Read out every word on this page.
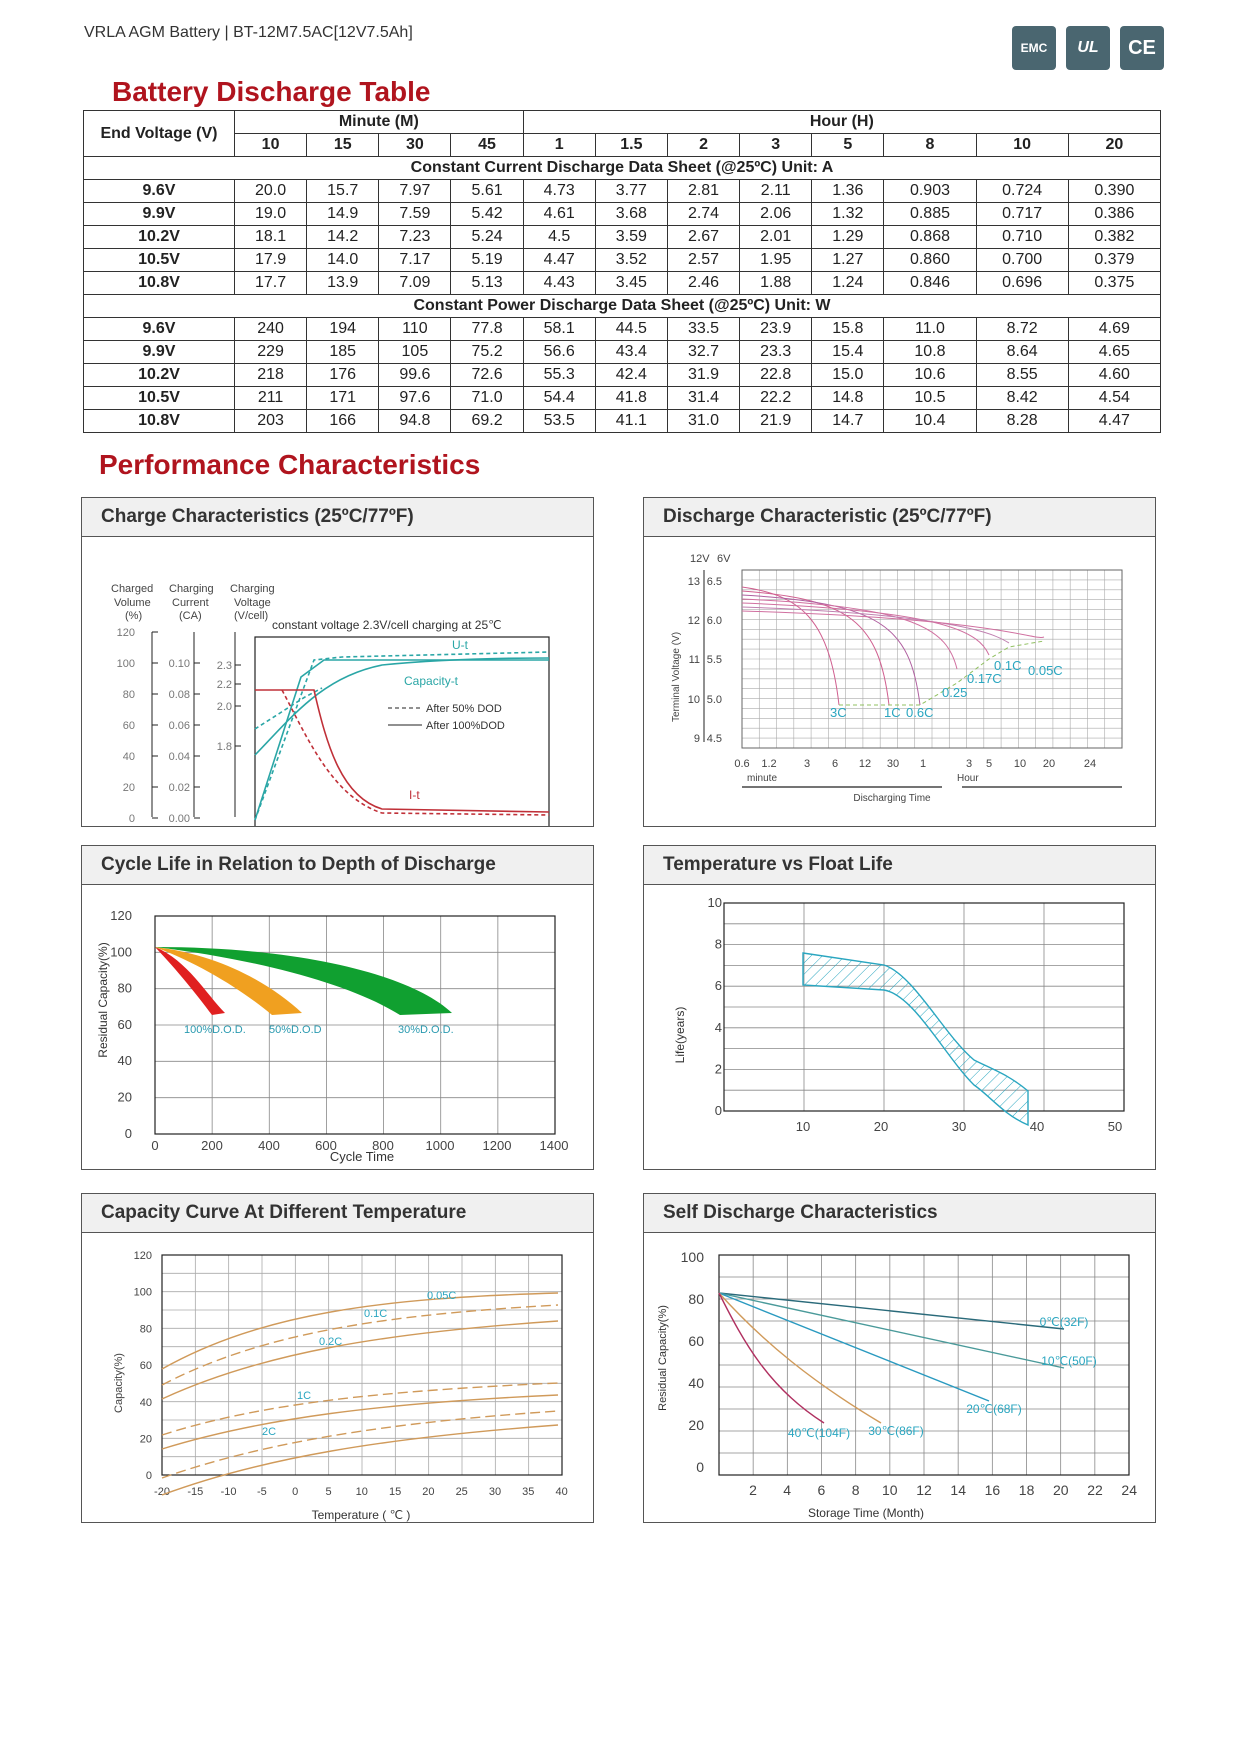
VRLA AGM Battery | BT-12M7.5AC[12V7.5Ah]
EMC	UL	CE
Battery Discharge Table
End Voltage (V)	Minute (M)				Hour (H)							
	10	15	30	45	1	1.5	2	3	5	8	10	20
Constant Current Discharge Data Sheet (@25ºC) Unit: A												
9.6V	20.0	15.7	7.97	5.61	4.73	3.77	2.81	2.11	1.36	0.903	0.724	0.390
9.9V	19.0	14.9	7.59	5.42	4.61	3.68	2.74	2.06	1.32	0.885	0.717	0.386
10.2V	18.1	14.2	7.23	5.24	4.5	3.59	2.67	2.01	1.29	0.868	0.710	0.382
10.5V	17.9	14.0	7.17	5.19	4.47	3.52	2.57	1.95	1.27	0.860	0.700	0.379
10.8V	17.7	13.9	7.09	5.13	4.43	3.45	2.46	1.88	1.24	0.846	0.696	0.375
Constant Power Discharge Data Sheet (@25ºC) Unit: W												
9.6V	240	194	110	77.8	58.1	44.5	33.5	23.9	15.8	11.0	8.72	4.69
9.9V	229	185	105	75.2	56.6	43.4	32.7	23.3	15.4	10.8	8.64	4.65
10.2V	218	176	99.6	72.6	55.3	42.4	31.9	22.8	15.0	10.6	8.55	4.60
10.5V	211	171	97.6	71.0	54.4	41.8	31.4	22.2	14.8	10.5	8.42	4.54
10.8V	203	166	94.8	69.2	53.5	41.1	31.0	21.9	14.7	10.4	8.28	4.47
Performance Characteristics
Charge Characteristics (25ºC/77ºF)
Charged Charging Charging
Volume Current Voltage
(%)	(CA)	(V/cell)
constant voltage 2.3V/cell charging at 25℃
120
100
80
60
40
20
0
0.10
0.08
0.06
0.04
0.02
0.00
2.3
2.2
2.0
1.8
U-t
Capacity-t
I-t
After 50% DOD
After 100%DOD
Discharge Characteristic (25ºC/77ºF)
12V 6V
Terminal Voltage (V)
13
12
11
10
9
6.5
6.0
5.5
5.0
4.5
0.6 1.2 3 6 12 30 1	3 5 10 20	24
3C	1C 0.6C
0.25
0.17C
0.1C 0.05C
minute	Hour
Discharging Time
Cycle Life in Relation to Depth of Discharge
Residual Capacity(%)
120
100
80
60
40
20
0
0	200	400	600	800 1000 1200 1400
100%D.O.D. 50%D.O.D	30%D.O.D.
Cycle Time
Temperature vs Float Life
Life(years)
10
8
6
4
2
0
10	20	30	40	50
Capacity Curve At Different Temperature
Capacity(%)
120
100
80
60
40
20
0
-20 -15 -10 -5 0 5 10 15 20 25 30 35 40
0.05C
0.1C
0.2C
1C
2C
Temperature ( ℃ )
Self Discharge Characteristics
Residual Capacity(%)
100
80
60
40
20
0
2 4 6 8 10 12 14 16 18 20 22 24
0℃(32F)
10℃(50F)
20℃(68F)
30℃(86F)
40℃(104F)
Storage Time (Month)
